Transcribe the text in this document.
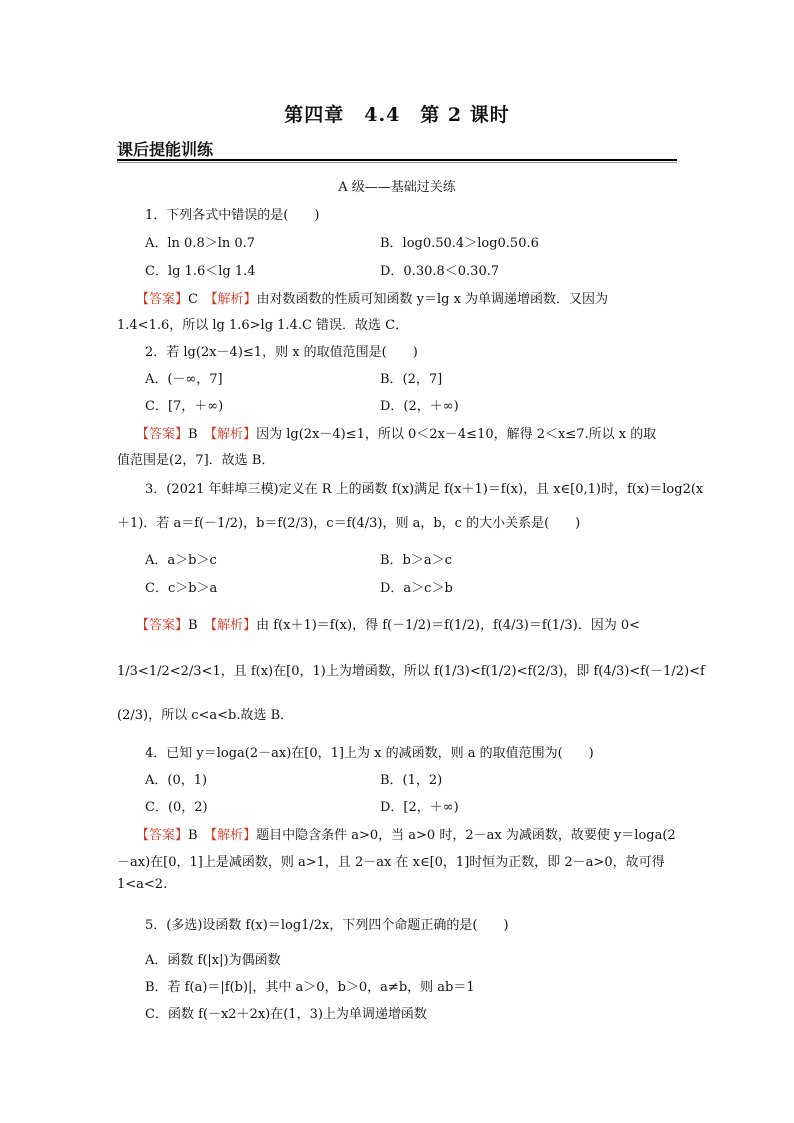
第四章　4.4　第 2 课时
课后提能训练
A 级——基础过关练
1．下列各式中错误的是(　　)
A．ln 0.8＞ln 0.7	B．log0.50.4＞log0.50.6
C．lg 1.6＜lg 1.4	D．0.30.8＜0.30.7
【答案】C　 【解析】由对数函数的性质可知函数 y＝lg x 为单调递增函数．又因为
1.4<1.6，所以 lg 1.6>lg 1.4.C 错误．故选 C．
2．若 lg(2x－4)≤1，则 x 的取值范围是(　　)
A．(－∞，7]	B．(2，7]
C．[7，＋∞)	D．(2，＋∞)
【答案】B　 【解析】因为 lg(2x－4)≤1，所以 0＜2x－4≤10，解得 2＜x≤7.所以 x 的取
值范围是(2，7]．故选 B．
3．(2021 年蚌埠三模)定义在 R 上的函数 f(x)满足 f(x＋1)＝f(x)，且 x∈[0,1)时，f(x)＝log2(x
＋1)．若 a＝f(－1/2)，b＝f(2/3)，c＝f(4/3)，则 a，b，c 的大小关系是(　　)
A．a＞b＞c	B．b＞a＞c
C．c＞b＞a	D．a＞c＞b
【答案】B　 【解析】由 f(x＋1)＝f(x)，得 f(－1/2)＝f(1/2)，f(4/3)＝f(1/3)．因为 0<
1/3<1/2<2/3<1，且 f(x)在[0，1)上为增函数，所以 f(1/3)<f(1/2)<f(2/3)，即 f(4/3)<f(－1/2)<f
(2/3)，所以 c<a<b.故选 B．
4．已知 y＝loga(2－ax)在[0，1]上为 x 的减函数，则 a 的取值范围为(　　)
A．(0，1)	B．(1，2)
C．(0，2)	D．[2，＋∞)
【答案】B　 【解析】题目中隐含条件 a>0，当 a>0 时，2－ax 为减函数，故要使 y＝loga(2
－ax)在[0，1]上是减函数，则 a>1，且 2－ax 在 x∈[0，1]时恒为正数，即 2－a>0，故可得
1<a<2.
5．(多选)设函数 f(x)＝log1/2x，下列四个命题正确的是(　　)
A．函数 f(|x|)为偶函数
B．若 f(a)＝|f(b)|，其中 a＞0，b＞0，a≠b，则 ab＝1
C．函数 f(－x2＋2x)在(1，3)上为单调递增函数
